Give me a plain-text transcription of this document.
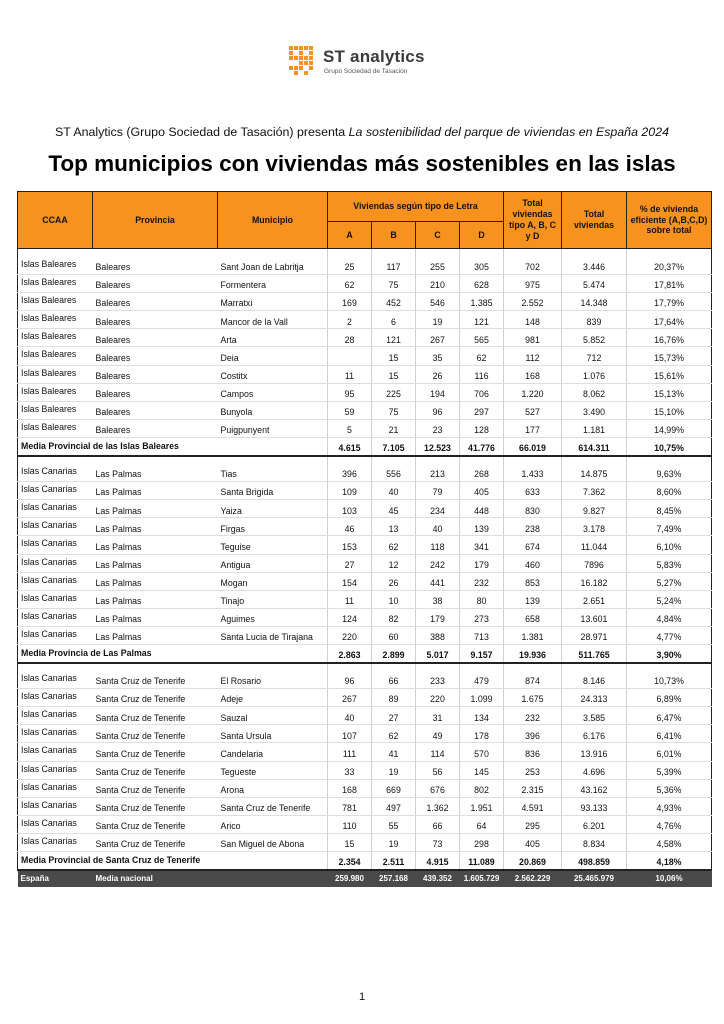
ST analytics
Grupo Sociedad de Tasación
ST Analytics (Grupo Sociedad de Tasación) presenta La sostenibilidad del parque de viviendas en España 2024
Top municipios con viviendas más sostenibles en las islas
CCAA	Provincia	Municipio	Viviendas según tipo de Letra				Total viviendas tipo A, B, C y D	Total viviendas	% de vivienda eficiente (A,B,C,D) sobre total
			A	B	C	D			

Islas Baleares	Baleares	Sant Joan de Labritja	25	117	255	305	702	3.446	20,37%
Islas Baleares	Baleares	Formentera	62	75	210	628	975	5.474	17,81%
Islas Baleares	Baleares	Marratxi	169	452	546	1.385	2.552	14.348	17,79%
Islas Baleares	Baleares	Mancor de la Vall	2	6	19	121	148	839	17,64%
Islas Baleares	Baleares	Arta	28	121	267	565	981	5.852	16,76%
Islas Baleares	Baleares	Deia		15	35	62	112	712	15,73%
Islas Baleares	Baleares	Costitx	11	15	26	116	168	1.076	15,61%
Islas Baleares	Baleares	Campos	95	225	194	706	1.220	8.062	15,13%
Islas Baleares	Baleares	Bunyola	59	75	96	297	527	3.490	15,10%
Islas Baleares	Baleares	Puigpunyent	5	21	23	128	177	1.181	14,99%
Media Provincial de las Islas Baleares			4.615	7.105	12.523	41.776	66.019	614.311	10,75%

Islas Canarias	Las Palmas	Tias	396	556	213	268	1.433	14.875	9,63%
Islas Canarias	Las Palmas	Santa Brigida	109	40	79	405	633	7.362	8,60%
Islas Canarias	Las Palmas	Yaiza	103	45	234	448	830	9.827	8,45%
Islas Canarias	Las Palmas	Firgas	46	13	40	139	238	3.178	7,49%
Islas Canarias	Las Palmas	Teguise	153	62	118	341	674	11.044	6,10%
Islas Canarias	Las Palmas	Antigua	27	12	242	179	460	7896	5,83%
Islas Canarias	Las Palmas	Mogan	154	26	441	232	853	16.182	5,27%
Islas Canarias	Las Palmas	Tinajo	11	10	38	80	139	2.651	5,24%
Islas Canarias	Las Palmas	Aguimes	124	82	179	273	658	13.601	4,84%
Islas Canarias	Las Palmas	Santa Lucia de Tirajana	220	60	388	713	1.381	28.971	4,77%
Media Provincia de Las Palmas			2.863	2.899	5.017	9.157	19.936	511.765	3,90%

Islas Canarias	Santa Cruz de Tenerife	El Rosario	96	66	233	479	874	8.146	10,73%
Islas Canarias	Santa Cruz de Tenerife	Adeje	267	89	220	1.099	1.675	24.313	6,89%
Islas Canarias	Santa Cruz de Tenerife	Sauzal	40	27	31	134	232	3.585	6,47%
Islas Canarias	Santa Cruz de Tenerife	Santa Ursula	107	62	49	178	396	6.176	6,41%
Islas Canarias	Santa Cruz de Tenerife	Candelaria	111	41	114	570	836	13.916	6,01%
Islas Canarias	Santa Cruz de Tenerife	Tegueste	33	19	56	145	253	4.696	5,39%
Islas Canarias	Santa Cruz de Tenerife	Arona	168	669	676	802	2.315	43.162	5,36%
Islas Canarias	Santa Cruz de Tenerife	Santa Cruz de Tenerife	781	497	1.362	1.951	4.591	93.133	4,93%
Islas Canarias	Santa Cruz de Tenerife	Arico	110	55	66	64	295	6.201	4,76%
Islas Canarias	Santa Cruz de Tenerife	San Miguel de Abona	15	19	73	298	405	8.834	4,58%
Media Provincial de Santa Cruz de Tenerife			2.354	2.511	4.915	11.089	20.869	498.859	4,18%
España	Media nacional		259.980	257.168	439.352	1.605.729	2.562.229	25.465.979	10,06%
1
